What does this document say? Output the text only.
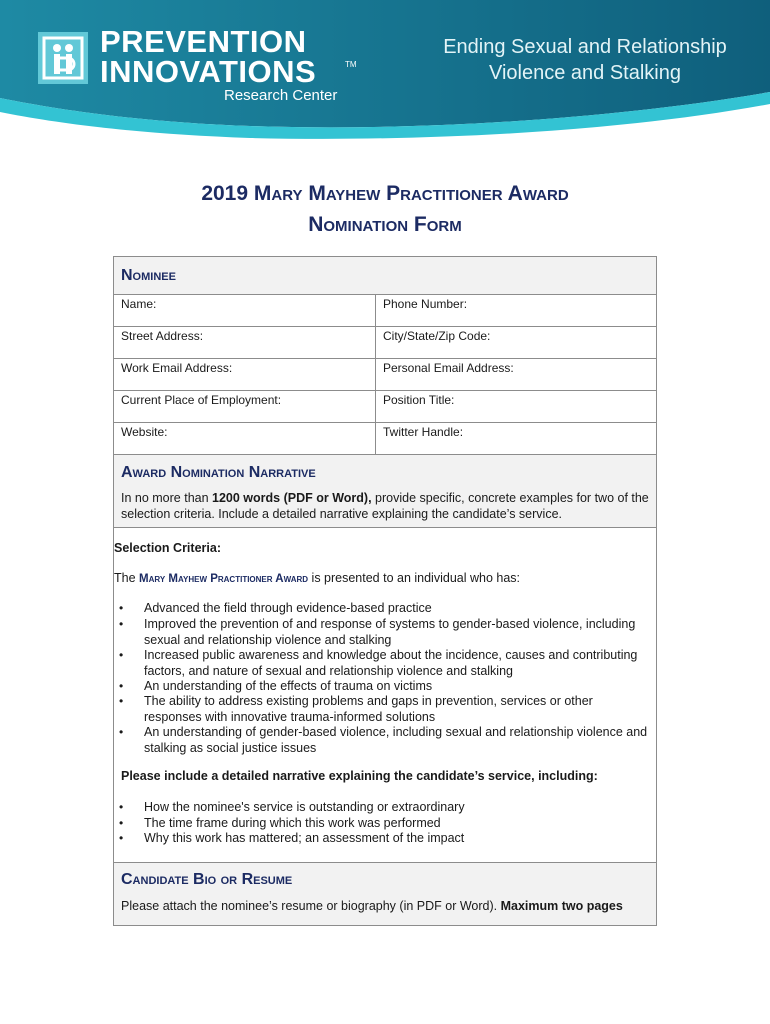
PREVENTION
INNOVATIONS	TM
Research Center
Ending Sexual and Relationship
Violence and Stalking
2019 Mary Mayhew Practitioner Award
Nomination Form
Nominee
Name:	Phone Number:
Street Address:	City/State/Zip Code:
Work Email Address:	Personal Email Address:
Current Place of Employment:	Position Title:
Website:	Twitter Handle:
Award Nomination Narrative
In no more than 1200 words (PDF or Word), provide specific, concrete examples for two of the
selection criteria. Include a detailed narrative explaining the candidate’s service.
Selection Criteria:
The Mary Mayhew Practitioner Award is presented to an individual who has:
• Advanced the field through evidence-based practice
• Improved the prevention of and response of systems to gender-based violence, including
sexual and relationship violence and stalking
• Increased public awareness and knowledge about the incidence, causes and contributing
factors, and nature of sexual and relationship violence and stalking
• An understanding of the effects of trauma on victims
• The ability to address existing problems and gaps in prevention, services or other
responses with innovative trauma-informed solutions
• An understanding of gender-based violence, including sexual and relationship violence and
stalking as social justice issues
Please include a detailed narrative explaining the candidate’s service, including:
• How the nominee's service is outstanding or extraordinary
• The time frame during which this work was performed
• Why this work has mattered; an assessment of the impact
Candidate Bio or Resume
Please attach the nominee’s resume or biography (in PDF or Word). Maximum two pages
